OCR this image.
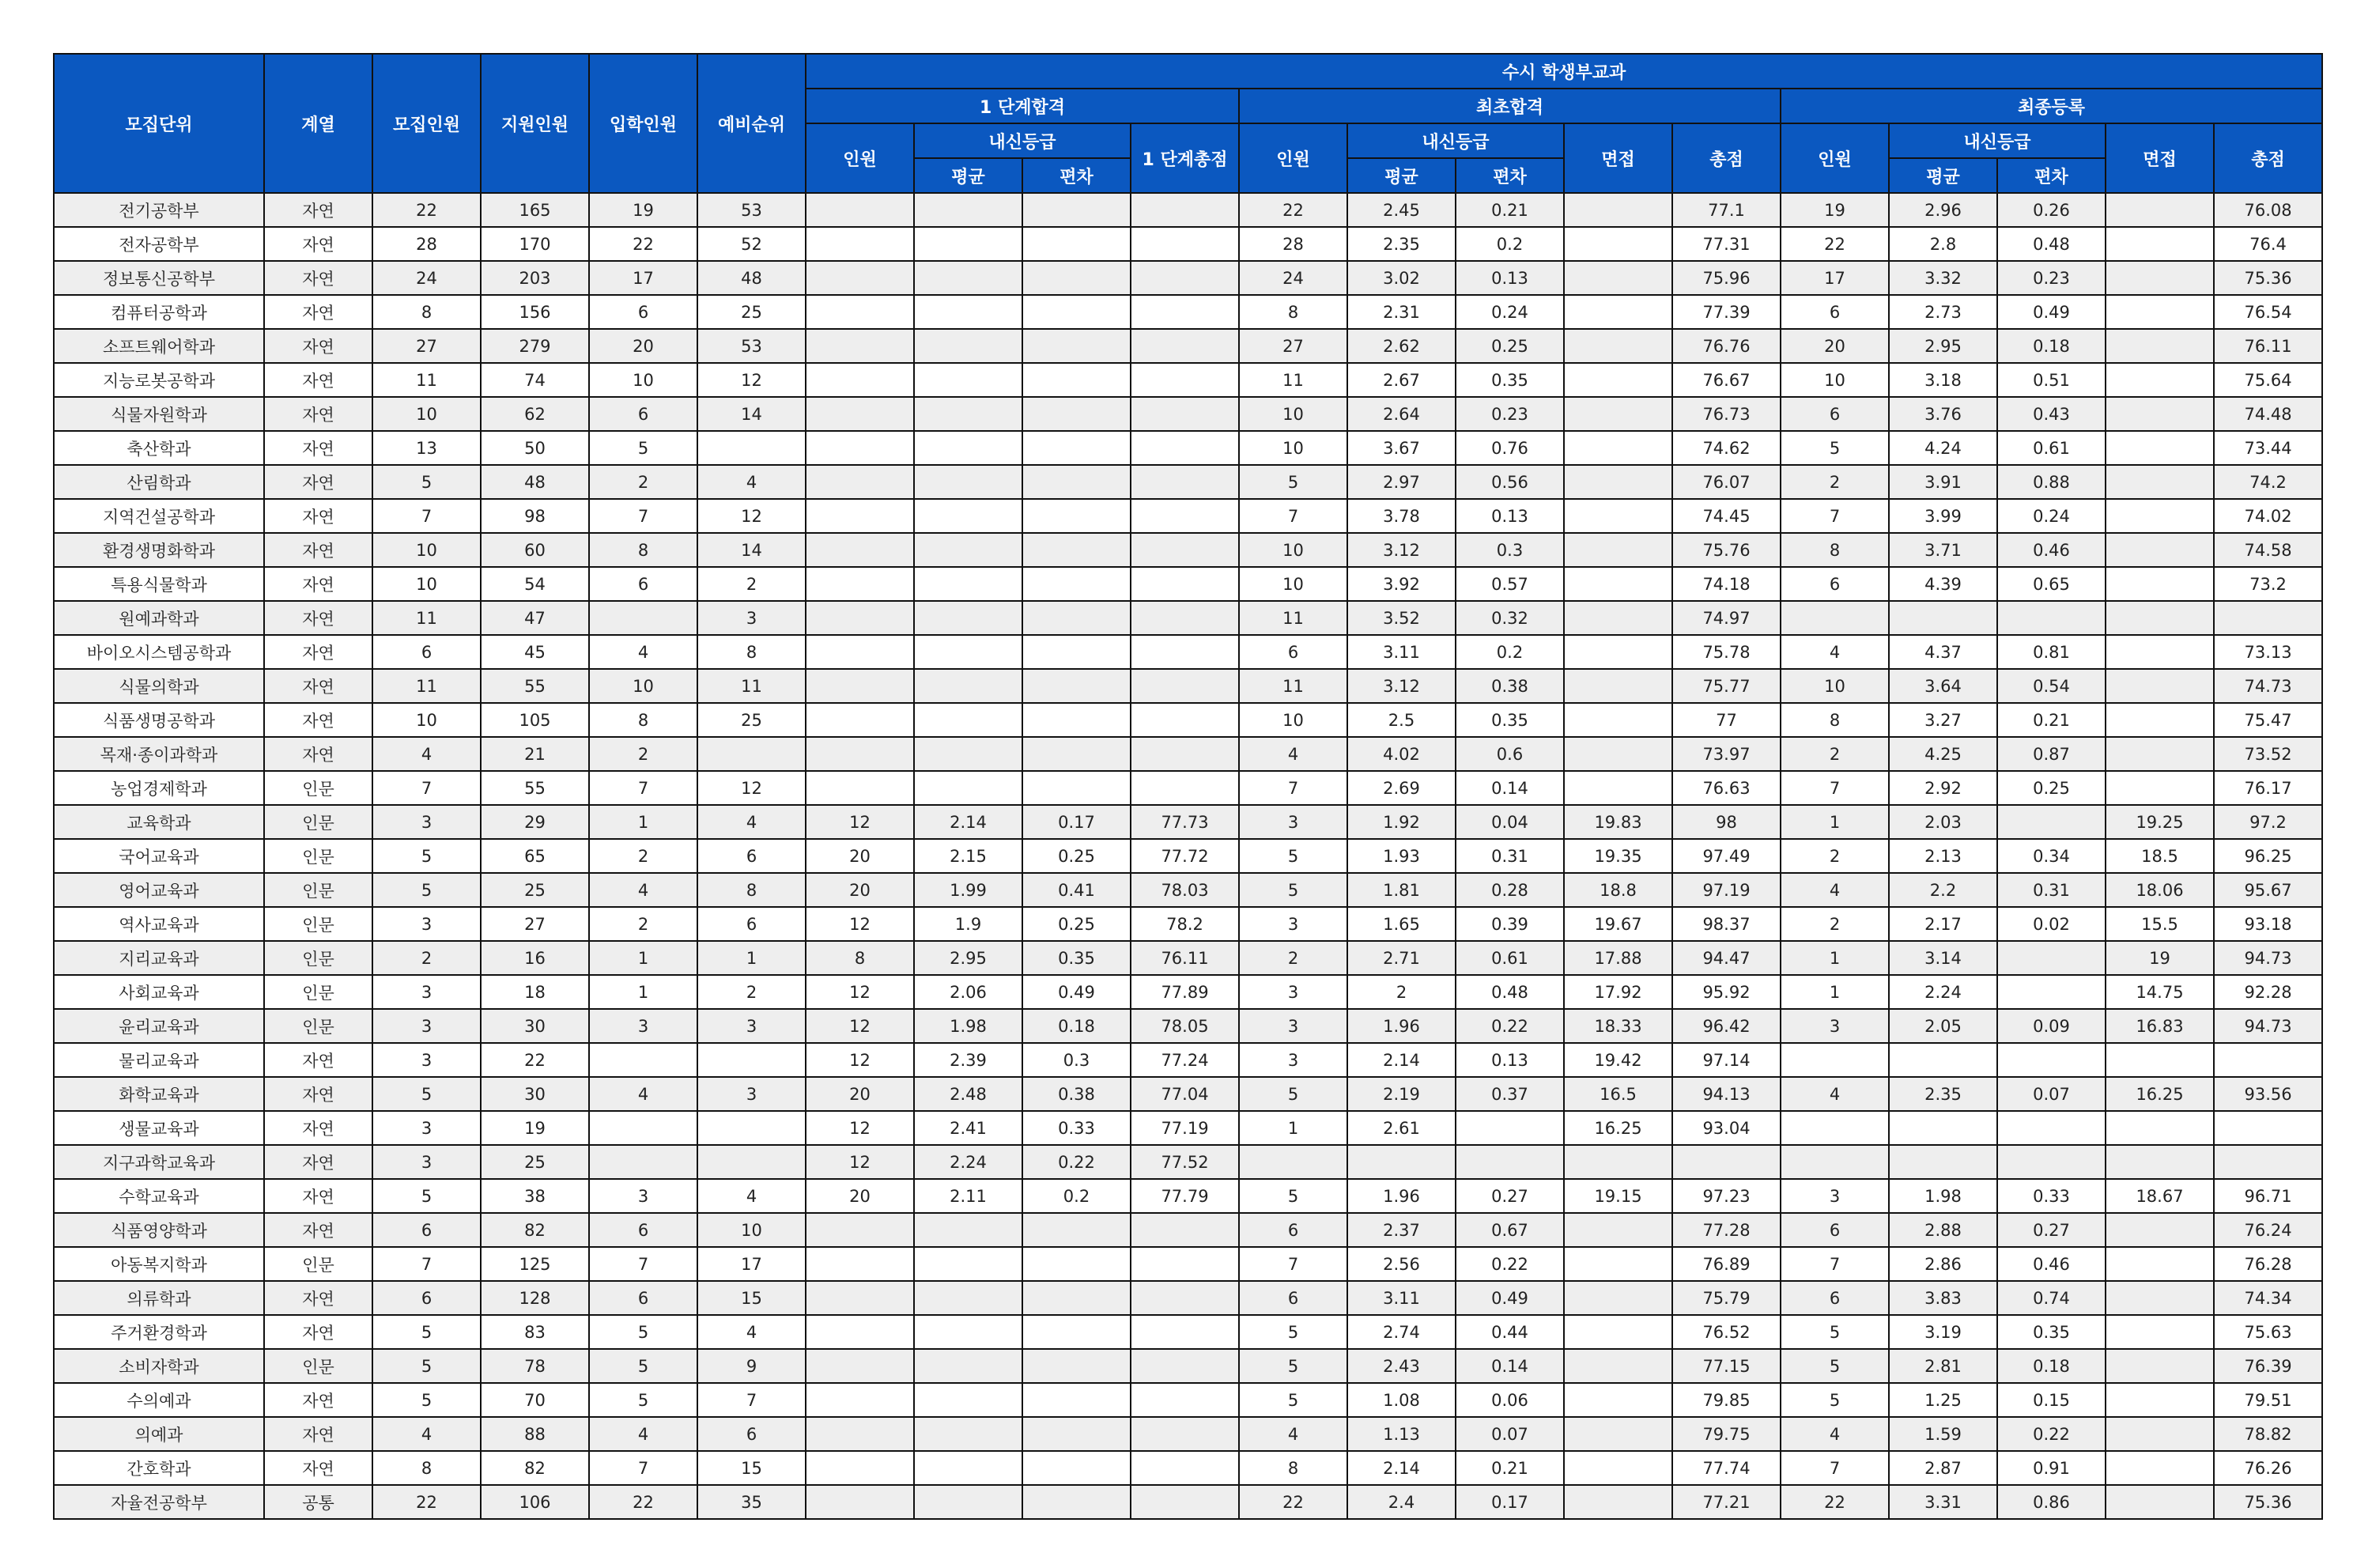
모집단위	계열	모집인원	지원인원	입학인원	예비순위	수시 학생부교과													
						1 단계합격				최초합격					최종등록				
						인원	내신등급		1 단계총점	인원	내신등급		면접	총점	인원	내신등급		면접	총점
							평균	편차			평균	편차				평균	편차		
전기공학부	자연	22	165	19	53					22	2.45	0.21		77.1	19	2.96	0.26		76.08
전자공학부	자연	28	170	22	52					28	2.35	0.2		77.31	22	2.8	0.48		76.4
정보통신공학부	자연	24	203	17	48					24	3.02	0.13		75.96	17	3.32	0.23		75.36
컴퓨터공학과	자연	8	156	6	25					8	2.31	0.24		77.39	6	2.73	0.49		76.54
소프트웨어학과	자연	27	279	20	53					27	2.62	0.25		76.76	20	2.95	0.18		76.11
지능로봇공학과	자연	11	74	10	12					11	2.67	0.35		76.67	10	3.18	0.51		75.64
식물자원학과	자연	10	62	6	14					10	2.64	0.23		76.73	6	3.76	0.43		74.48
축산학과	자연	13	50	5						10	3.67	0.76		74.62	5	4.24	0.61		73.44
산림학과	자연	5	48	2	4					5	2.97	0.56		76.07	2	3.91	0.88		74.2
지역건설공학과	자연	7	98	7	12					7	3.78	0.13		74.45	7	3.99	0.24		74.02
환경생명화학과	자연	10	60	8	14					10	3.12	0.3		75.76	8	3.71	0.46		74.58
특용식물학과	자연	10	54	6	2					10	3.92	0.57		74.18	6	4.39	0.65		73.2
원예과학과	자연	11	47		3					11	3.52	0.32		74.97					
바이오시스템공학과	자연	6	45	4	8					6	3.11	0.2		75.78	4	4.37	0.81		73.13
식물의학과	자연	11	55	10	11					11	3.12	0.38		75.77	10	3.64	0.54		74.73
식품생명공학과	자연	10	105	8	25					10	2.5	0.35		77	8	3.27	0.21		75.47
목재·종이과학과	자연	4	21	2						4	4.02	0.6		73.97	2	4.25	0.87		73.52
농업경제학과	인문	7	55	7	12					7	2.69	0.14		76.63	7	2.92	0.25		76.17
교육학과	인문	3	29	1	4	12	2.14	0.17	77.73	3	1.92	0.04	19.83	98	1	2.03		19.25	97.2
국어교육과	인문	5	65	2	6	20	2.15	0.25	77.72	5	1.93	0.31	19.35	97.49	2	2.13	0.34	18.5	96.25
영어교육과	인문	5	25	4	8	20	1.99	0.41	78.03	5	1.81	0.28	18.8	97.19	4	2.2	0.31	18.06	95.67
역사교육과	인문	3	27	2	6	12	1.9	0.25	78.2	3	1.65	0.39	19.67	98.37	2	2.17	0.02	15.5	93.18
지리교육과	인문	2	16	1	1	8	2.95	0.35	76.11	2	2.71	0.61	17.88	94.47	1	3.14		19	94.73
사회교육과	인문	3	18	1	2	12	2.06	0.49	77.89	3	2	0.48	17.92	95.92	1	2.24		14.75	92.28
윤리교육과	인문	3	30	3	3	12	1.98	0.18	78.05	3	1.96	0.22	18.33	96.42	3	2.05	0.09	16.83	94.73
물리교육과	자연	3	22			12	2.39	0.3	77.24	3	2.14	0.13	19.42	97.14					
화학교육과	자연	5	30	4	3	20	2.48	0.38	77.04	5	2.19	0.37	16.5	94.13	4	2.35	0.07	16.25	93.56
생물교육과	자연	3	19			12	2.41	0.33	77.19	1	2.61		16.25	93.04					
지구과학교육과	자연	3	25			12	2.24	0.22	77.52										
수학교육과	자연	5	38	3	4	20	2.11	0.2	77.79	5	1.96	0.27	19.15	97.23	3	1.98	0.33	18.67	96.71
식품영양학과	자연	6	82	6	10					6	2.37	0.67		77.28	6	2.88	0.27		76.24
아동복지학과	인문	7	125	7	17					7	2.56	0.22		76.89	7	2.86	0.46		76.28
의류학과	자연	6	128	6	15					6	3.11	0.49		75.79	6	3.83	0.74		74.34
주거환경학과	자연	5	83	5	4					5	2.74	0.44		76.52	5	3.19	0.35		75.63
소비자학과	인문	5	78	5	9					5	2.43	0.14		77.15	5	2.81	0.18		76.39
수의예과	자연	5	70	5	7					5	1.08	0.06		79.85	5	1.25	0.15		79.51
의예과	자연	4	88	4	6					4	1.13	0.07		79.75	4	1.59	0.22		78.82
간호학과	자연	8	82	7	15					8	2.14	0.21		77.74	7	2.87	0.91		76.26
자율전공학부	공통	22	106	22	35					22	2.4	0.17		77.21	22	3.31	0.86		75.36
